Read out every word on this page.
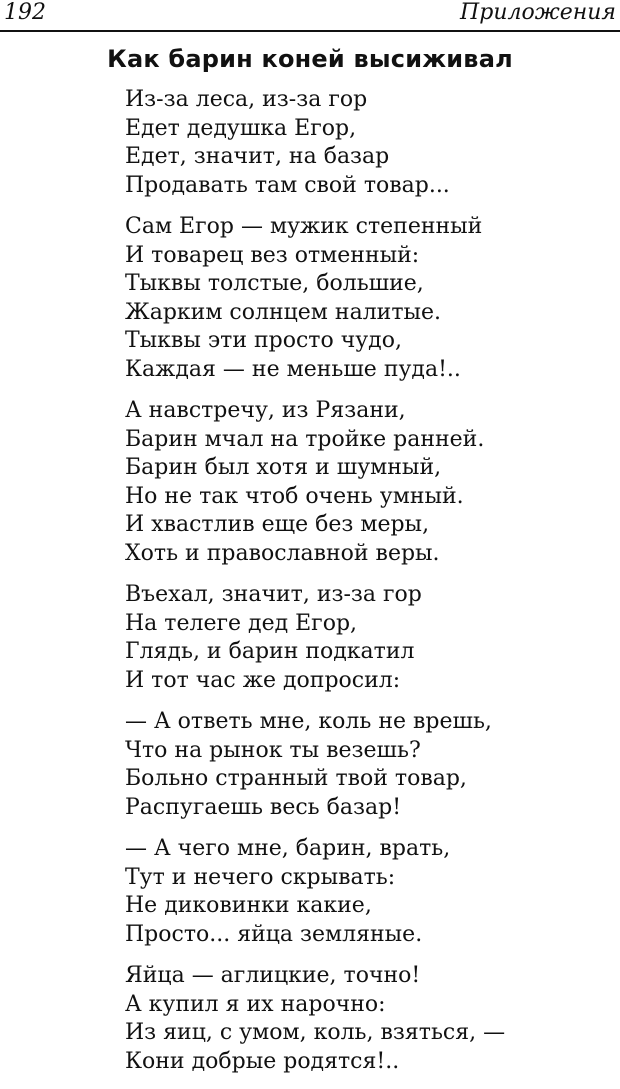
192	Приложения
Как барин коней высиживал
Из-за леса, из-за гор
Едет дедушка Егор,
Едет, значит, на базар
Продавать там свой товар...
Сам Егор — мужик степенный
И товарец вез отменный:
Тыквы толстые, большие,
Жарким солнцем налитые.
Тыквы эти просто чудо,
Каждая — не меньше пуда!..
А навстречу, из Рязани,
Барин мчал на тройке ранней.
Барин был хотя и шумный,
Но не так чтоб очень умный.
И хвастлив еще без меры,
Хоть и православной веры.
Въехал, значит, из-за гор
На телеге дед Егор,
Глядь, и барин подкатил
И тот час же допросил:
— А ответь мне, коль не врешь,
Что на рынок ты везешь?
Больно странный твой товар,
Распугаешь весь базар!
— А чего мне, барин, врать,
Тут и нечего скрывать:
Не диковинки какие,
Просто... яйца земляные.
Яйца — аглицкие, точно!
А купил я их нарочно:
Из яиц, с умом, коль, взяться, —
Кони добрые родятся!..
